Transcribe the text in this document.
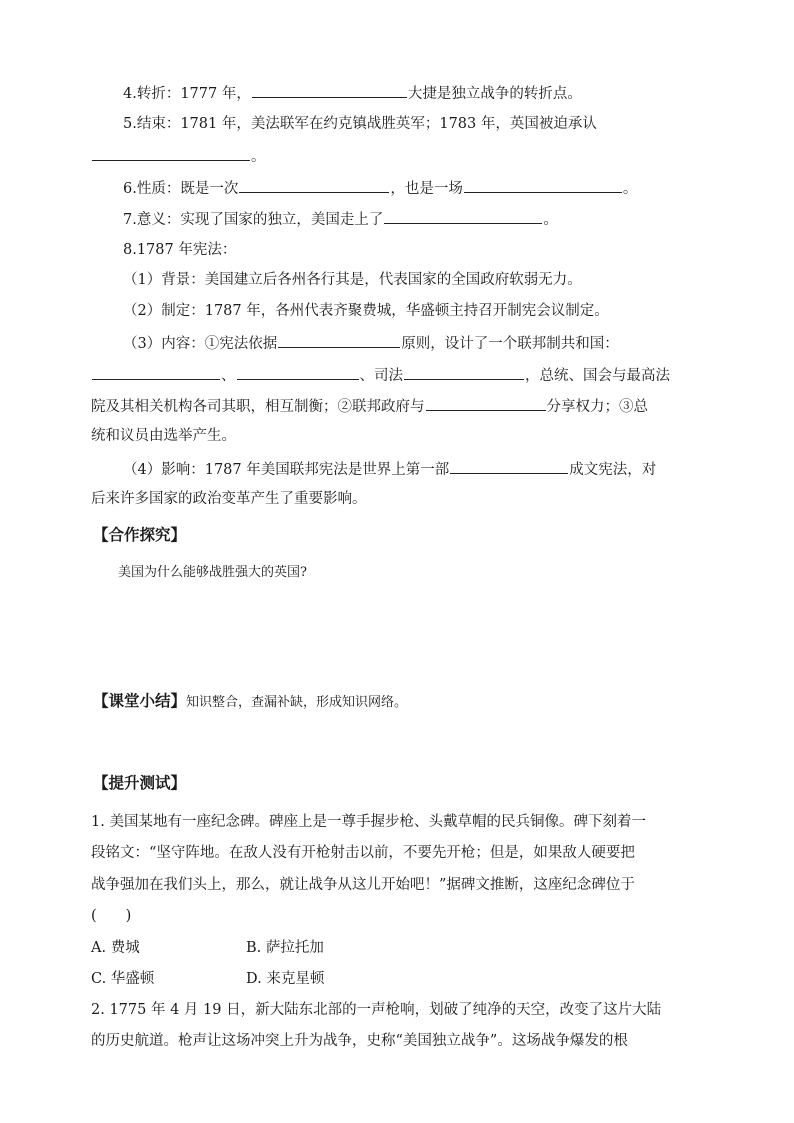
4.转折：1777 年，	大捷是独立战争的转折点。
5.结束：1781 年，美法联军在约克镇战胜英军；1783 年，英国被迫承认
。
6.性质：既是一次	，也是一场	。
7.意义：实现了国家的独立，美国走上了	。
8.1787 年宪法：
（1）背景：美国建立后各州各行其是，代表国家的全国政府软弱无力。
（2）制定：1787 年，各州代表齐聚费城，华盛顿主持召开制宪会议制定。
（3）内容：①宪法依据	原则，设计了一个联邦制共和国：
、	、司法	，总统、国会与最高法
院及其相关机构各司其职，相互制衡；②联邦政府与	分享权力；③总
统和议员由选举产生。
（4）影响：1787 年美国联邦宪法是世界上第一部	成文宪法，对
后来许多国家的政治变革产生了重要影响。
【合作探究】
美国为什么能够战胜强大的英国?
【课堂小结】知识整合，查漏补缺，形成知识网络。
【提升测试】
1. 美国某地有一座纪念碑。碑座上是一尊手握步枪、头戴草帽的民兵铜像。碑下刻着一
段铭文：“坚守阵地。在敌人没有开枪射击以前，不要先开枪；但是，如果敌人硬要把
战争强加在我们头上，那么，就让战争从这儿开始吧！”据碑文推断，这座纪念碑位于
(　　)
A. 费城	B. 萨拉托加
C. 华盛顿	D. 来克星顿
2. 1775 年 4 月 19 日，新大陆东北部的一声枪响，划破了纯净的天空，改变了这片大陆
的历史航道。枪声让这场冲突上升为战争，史称“美国独立战争”。这场战争爆发的根
